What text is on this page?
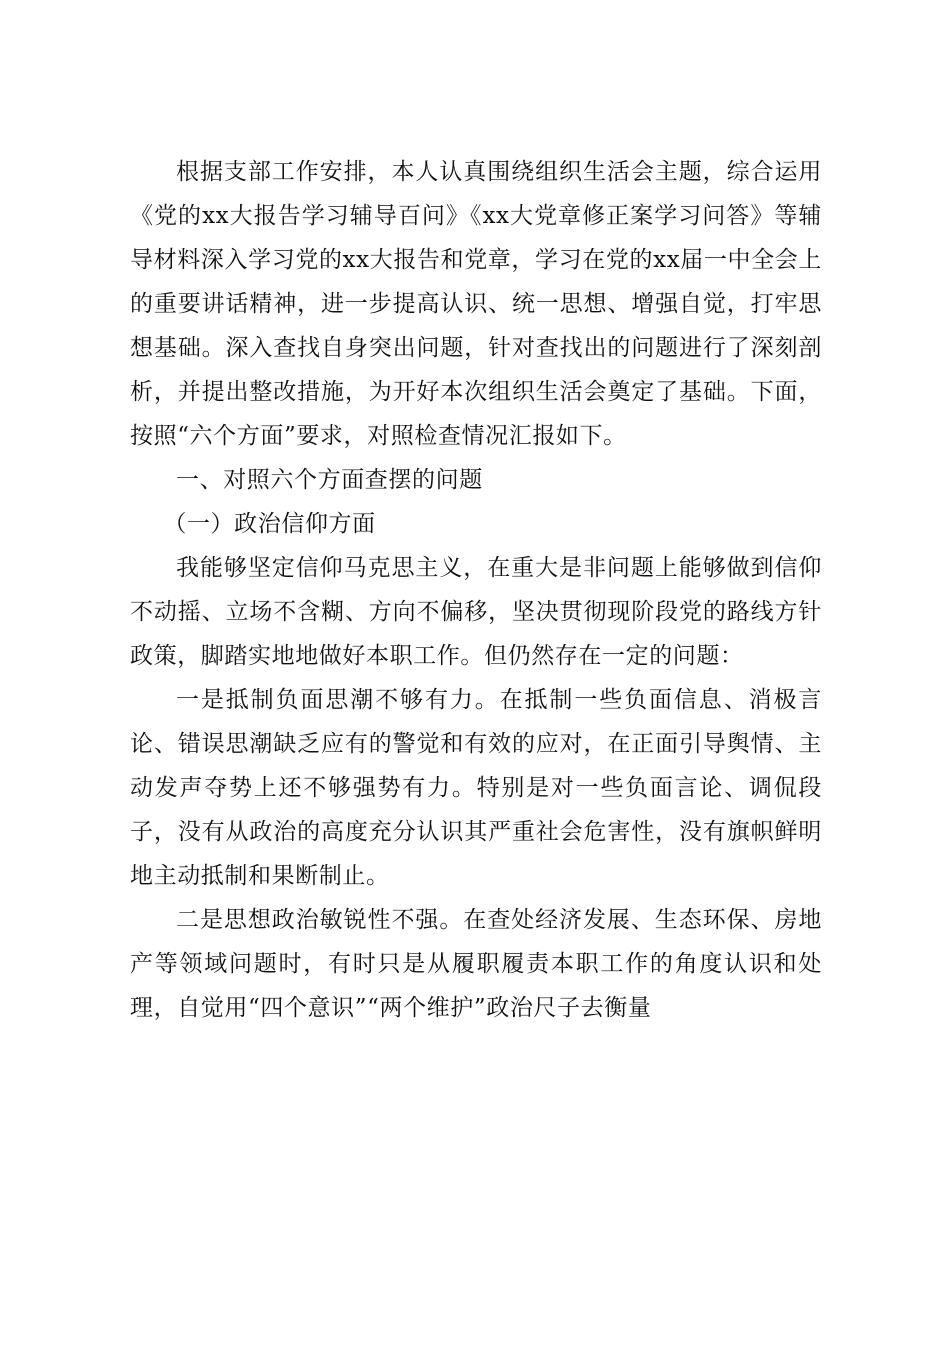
根据支部工作安排，本人认真围绕组织生活会主题，综合运用《党的xx大报告学习辅导百问》《xx大党章修正案学习问答》等辅导材料深入学习党的xx大报告和党章，学习在党的xx届一中全会上的重要讲话精神，进一步提高认识、统一思想、增强自觉，打牢思想基础。深入查找自身突出问题，针对查找出的问题进行了深刻剖析，并提出整改措施，为开好本次组织生活会奠定了基础。下面，按照“六个方面”要求，对照检查情况汇报如下。

一、对照六个方面查摆的问题

（一）政治信仰方面

我能够坚定信仰马克思主义，在重大是非问题上能够做到信仰不动摇、立场不含糊、方向不偏移，坚决贯彻现阶段党的路线方针政策，脚踏实地地做好本职工作。但仍然存在一定的问题：

一是抵制负面思潮不够有力。在抵制一些负面信息、消极言论、错误思潮缺乏应有的警觉和有效的应对，在正面引导舆情、主动发声夺势上还不够强势有力。特别是对一些负面言论、调侃段子，没有从政治的高度充分认识其严重社会危害性，没有旗帜鲜明地主动抵制和果断制止。

二是思想政治敏锐性不强。在查处经济发展、生态环保、房地产等领域问题时，有时只是从履职履责本职工作的角度认识和处理，自觉用“四个意识”“两个维护”政治尺子去衡量
